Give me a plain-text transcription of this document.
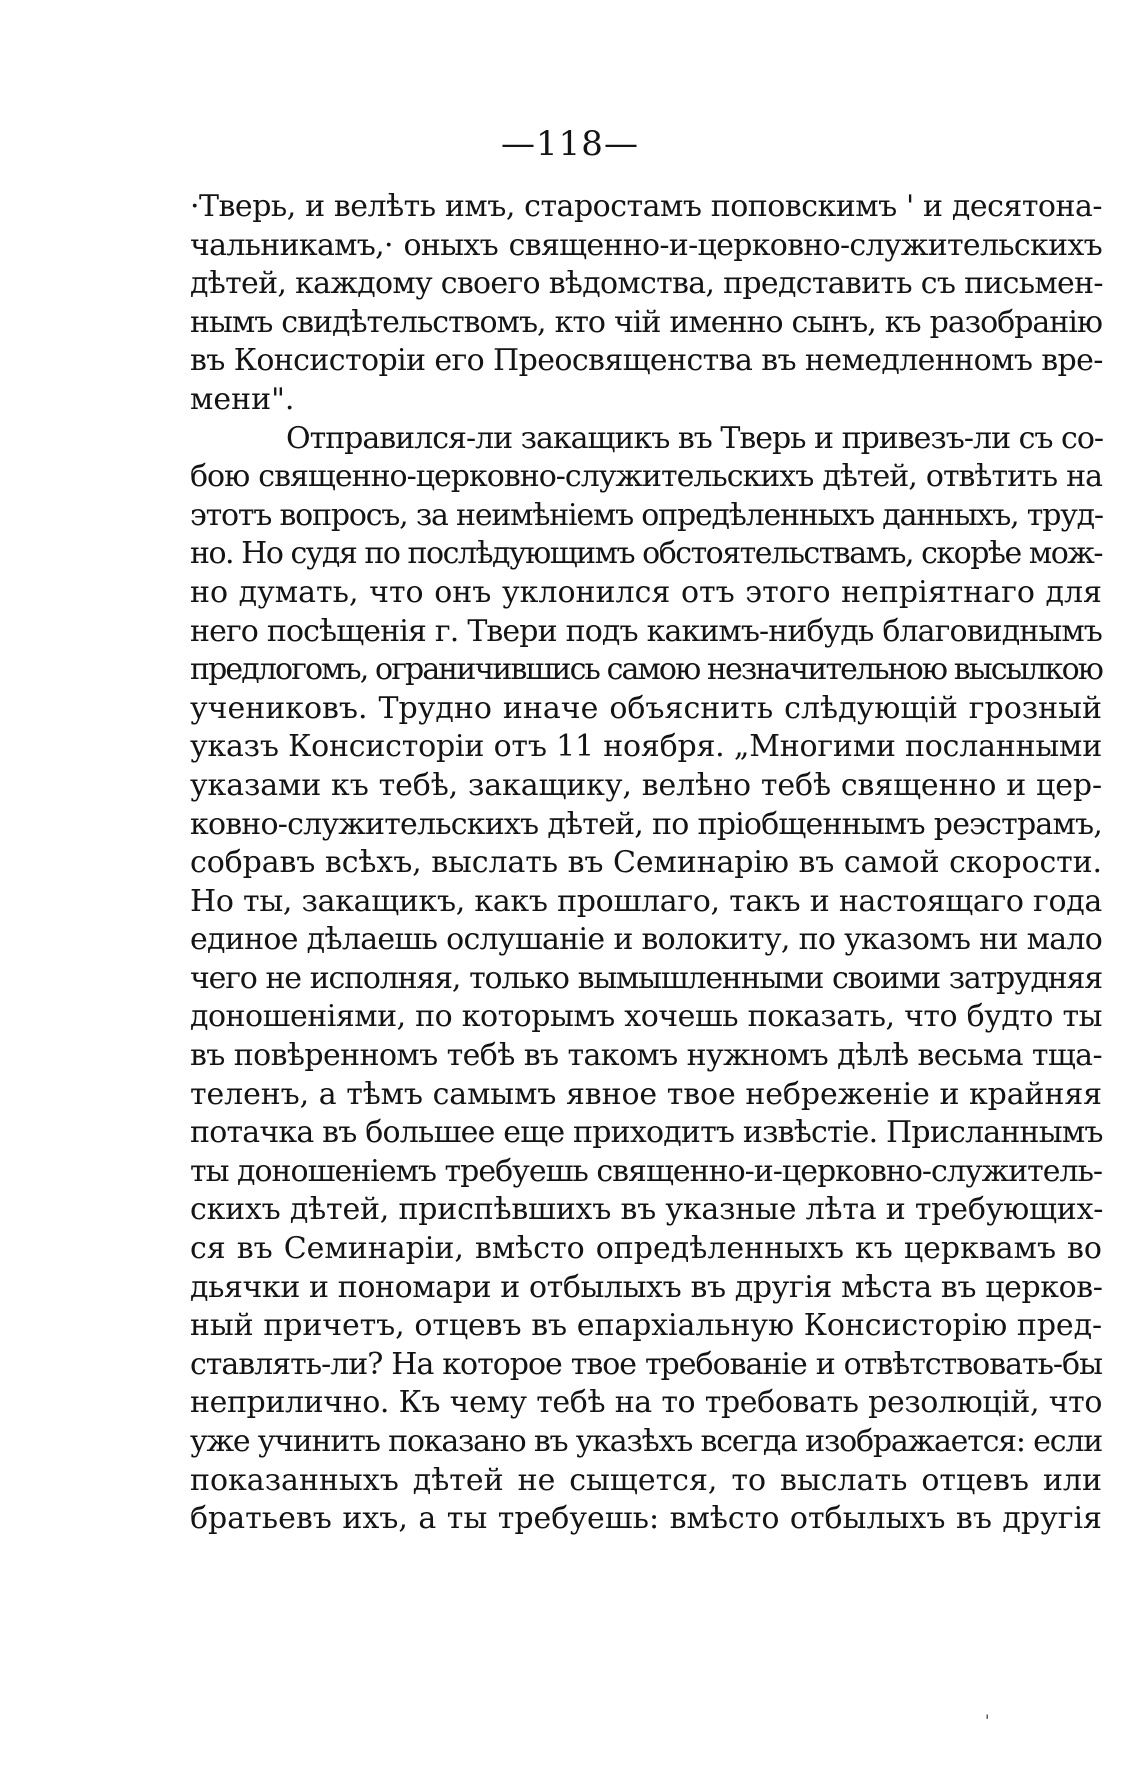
—118—
·Тверь, и велѣть имъ, старостамъ поповскимъ ' и десятона-
чальникамъ,· оныхъ священно-и-церковно-служительскихъ
дѣтей, каждому своего вѣдомства, представить съ письмен-
нымъ свидѣтельствомъ, кто чій именно сынъ, къ разобранію
въ Консисторіи его Преосвященства въ немедленномъ вре-
мени".
Отправился-ли закащикъ въ Тверь и привезъ-ли съ со-
бою священно-церковно-служительскихъ дѣтей, отвѣтить на
этотъ вопросъ, за неимѣніемъ опредѣленныхъ данныхъ, труд-
но. Но судя по послѣдующимъ обстоятельствамъ, скорѣе мож-
но думать, что онъ уклонился отъ этого непріятнаго для
него посѣщенія г. Твери подъ какимъ-нибудь благовиднымъ
предлогомъ, ограничившись самою незначительною высылкою
учениковъ. Трудно иначе объяснить слѣдующій грозный
указъ Консисторіи отъ 11 ноября. „Многими посланными
указами къ тебѣ, закащику, велѣно тебѣ священно и цер-
ковно-служительскихъ дѣтей, по пріобщеннымъ реэстрамъ,
собравъ всѣхъ, выслать въ Семинарію въ самой скорости.
Но ты, закащикъ, какъ прошлаго, такъ и настоящаго года
единое дѣлаешь ослушаніе и волокиту, по указомъ ни мало
чего не исполняя, только вымышленными своими затрудняя
доношеніями, по которымъ хочешь показать, что будто ты
въ повѣренномъ тебѣ въ такомъ нужномъ дѣлѣ весьма тща-
теленъ, а тѣмъ самымъ явное твое небреженіе и крайняя
потачка въ большее еще приходитъ извѣстіе. Присланнымъ
ты доношеніемъ требуешь священно-и-церковно-служитель-
скихъ дѣтей, приспѣвшихъ въ указные лѣта и требующих-
ся въ Семинаріи, вмѣсто опредѣленныхъ къ церквамъ во
дьячки и пономари и отбылыхъ въ другія мѣста въ церков-
ный причетъ, отцевъ въ епархіальную Консисторію пред-
ставлять-ли? На которое твое требованіе и отвѣтствовать-бы
неприлично. Къ чему тебѣ на то требовать резолюцій, что
уже учинить показано въ указѣхъ всегда изображается: если
показанныхъ дѣтей не сыщется, то выслать отцевъ или
братьевъ ихъ, а ты требуешь: вмѣсто отбылыхъ въ другія
'
